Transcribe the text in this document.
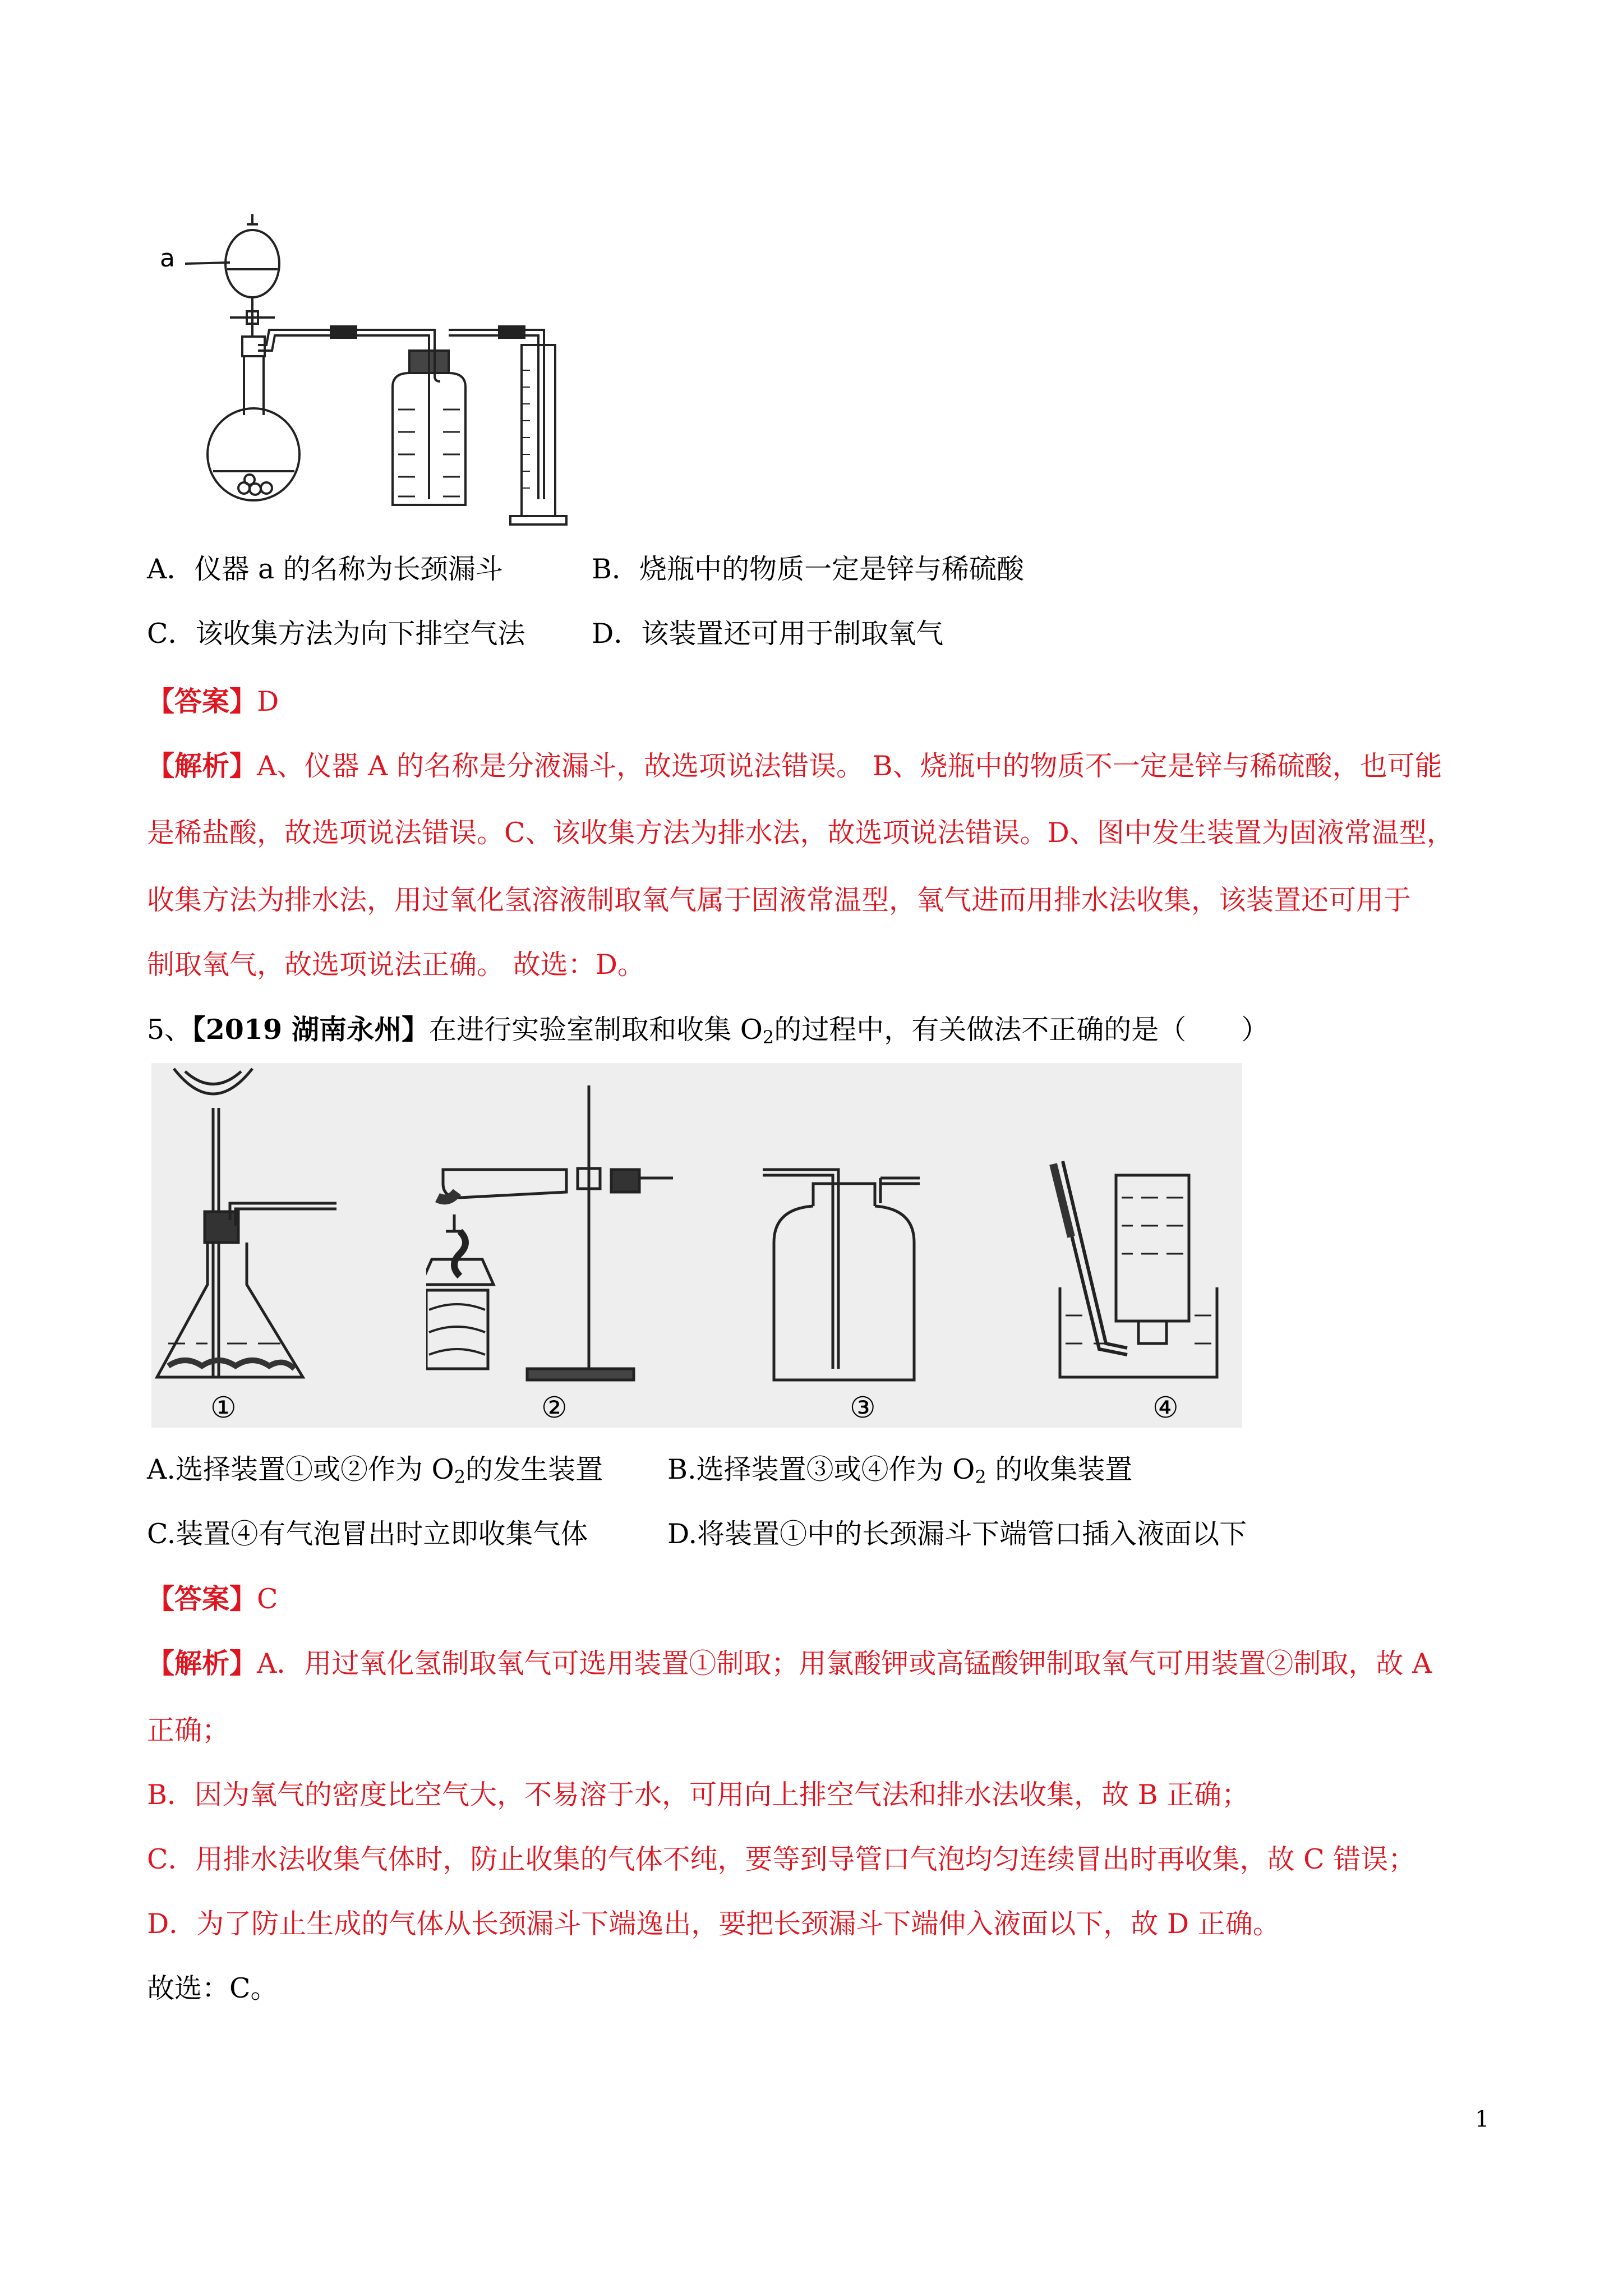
a
A．仪器 a 的名称为长颈漏斗	B．烧瓶中的物质一定是锌与稀硫酸
C．该收集方法为向下排空气法 D．该装置还可用于制取氧气
【答案】D
【解析】A、仪器 A 的名称是分液漏斗，故选项说法错误。 B、烧瓶中的物质不一定是锌与稀硫酸，也可能
是稀盐酸，故选项说法错误。C、该收集方法为排水法，故选项说法错误。D、图中发生装置为固液常温型，
收集方法为排水法，用过氧化氢溶液制取氧气属于固液常温型，氧气进而用排水法收集，该装置还可用于
制取氧气，故选项说法正确。 故选：D。
5、【2019 湖南永州】在进行实验室制取和收集 $O_2$的过程中，有关做法不正确的是（　　）
①	②	③	④
A.选择装置①或②作为 $O_2$的发生装置 B.选择装置③或④作为 $O_2$ 的收集装置
C.装置④有气泡冒出时立即收集气体	D.将装置①中的长颈漏斗下端管口插入液面以下
【答案】C
【解析】A．用过氧化氢制取氧气可选用装置①制取；用氯酸钾或高锰酸钾制取氧气可用装置②制取，故 A
正确；
B．因为氧气的密度比空气大，不易溶于水，可用向上排空气法和排水法收集，故 B 正确；
C．用排水法收集气体时，防止收集的气体不纯，要等到导管口气泡均匀连续冒出时再收集，故 C 错误；
D．为了防止生成的气体从长颈漏斗下端逸出，要把长颈漏斗下端伸入液面以下，故 D 正确。
故选：C。
1
